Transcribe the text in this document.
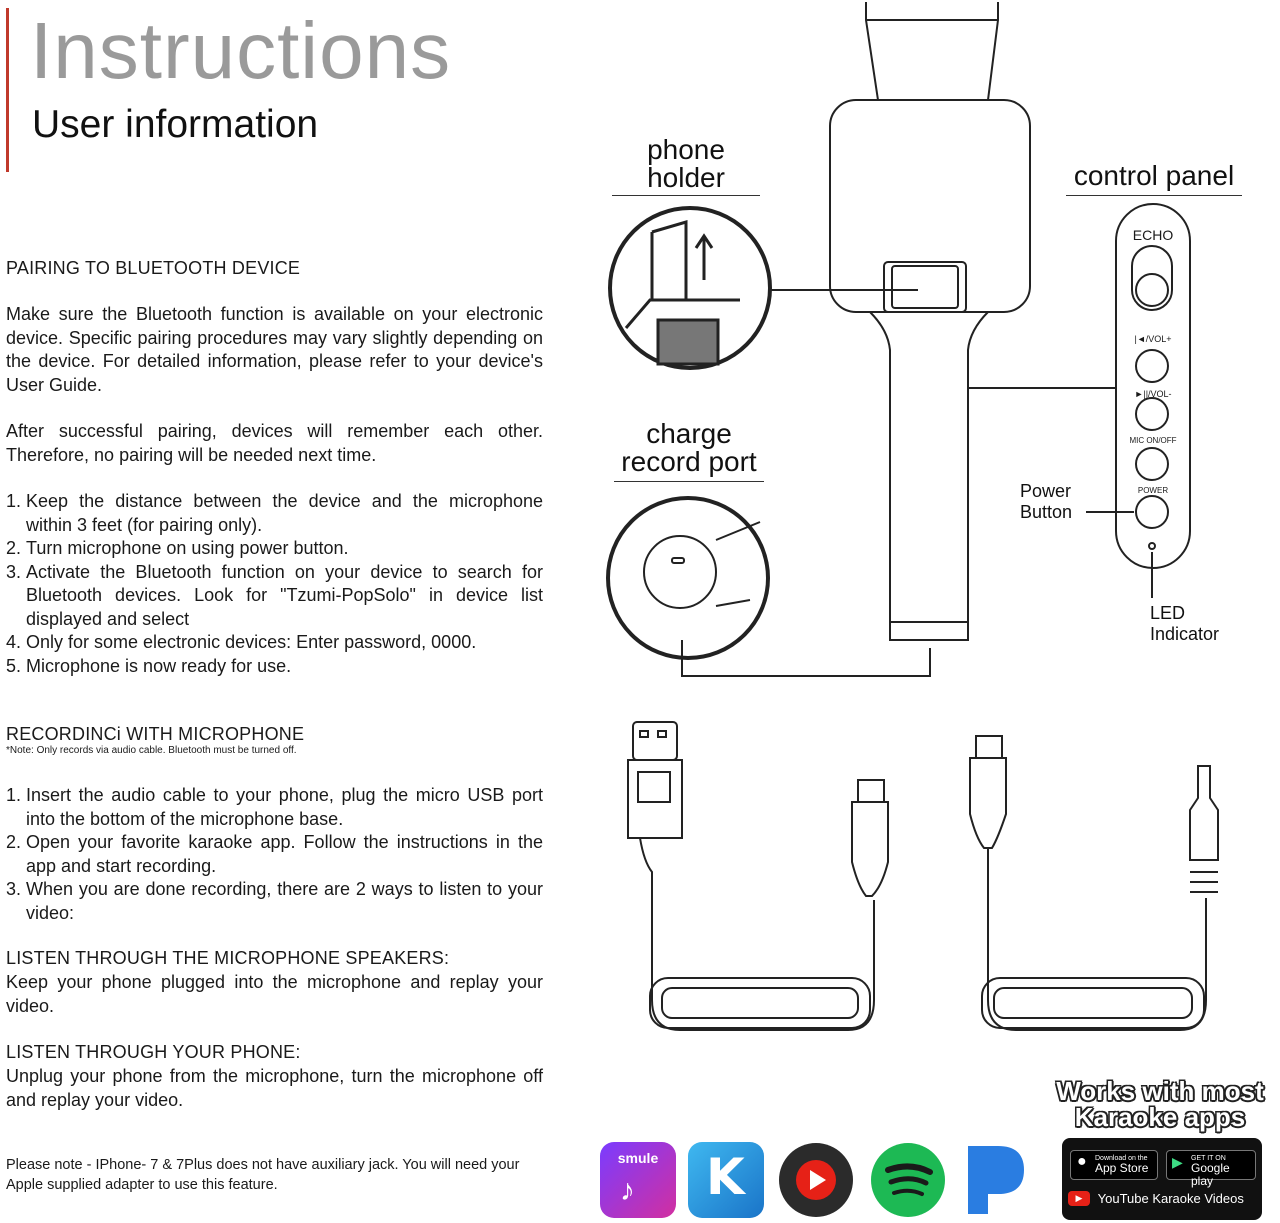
Instructions
User information
PAIRING TO BLUETOOTH DEVICE
Make sure the Bluetooth function is available on your electronic device. Specific pairing procedures may vary slightly depending on the device. For detailed information, please refer to your device's User Guide.
After successful pairing, devices will remember each other. Therefore, no pairing will be needed next time.
1. Keep the distance between the device and the microphone within 3 feet (for pairing only).
2. Turn microphone on using power button.
3. Activate the Bluetooth function on your device to search for Bluetooth devices. Look for "Tzumi-PopSolo" in device list displayed and select
4. Only for some electronic devices: Enter password, 0000.
5. Microphone is now ready for use.
RECORDINCi WITH MICROPHONE
*Note: Only records via audio cable. Bluetooth must be turned off.
1. Insert the audio cable to your phone, plug the micro USB port into the bottom of the microphone base.
2. Open your favorite karaoke app. Follow the instructions in the app and start recording.
3. When you are done recording, there are 2 ways to listen to your video:
LISTEN THROUGH THE MICROPHONE SPEAKERS:
Keep your phone plugged into the microphone and replay your video.
LISTEN THROUGH YOUR PHONE:
Unplug your phone from the microphone, turn the microphone off and replay your video.
Please note - IPhone- 7 & 7Plus does not have auxiliary jack. You will need your Apple supplied adapter to use this feature.
phone
holder	control panel
charge
record port
ECHO
|◄/VOL+
►||/VOL-
MIC ON/OFF
POWER
Power
Button
LED
Indicator
Works with most
Karaoke apps
smule
♪ K	● Download on the
App Store ▶ GET IT ON
Google play
▶ YouTube Karaoke Videos
